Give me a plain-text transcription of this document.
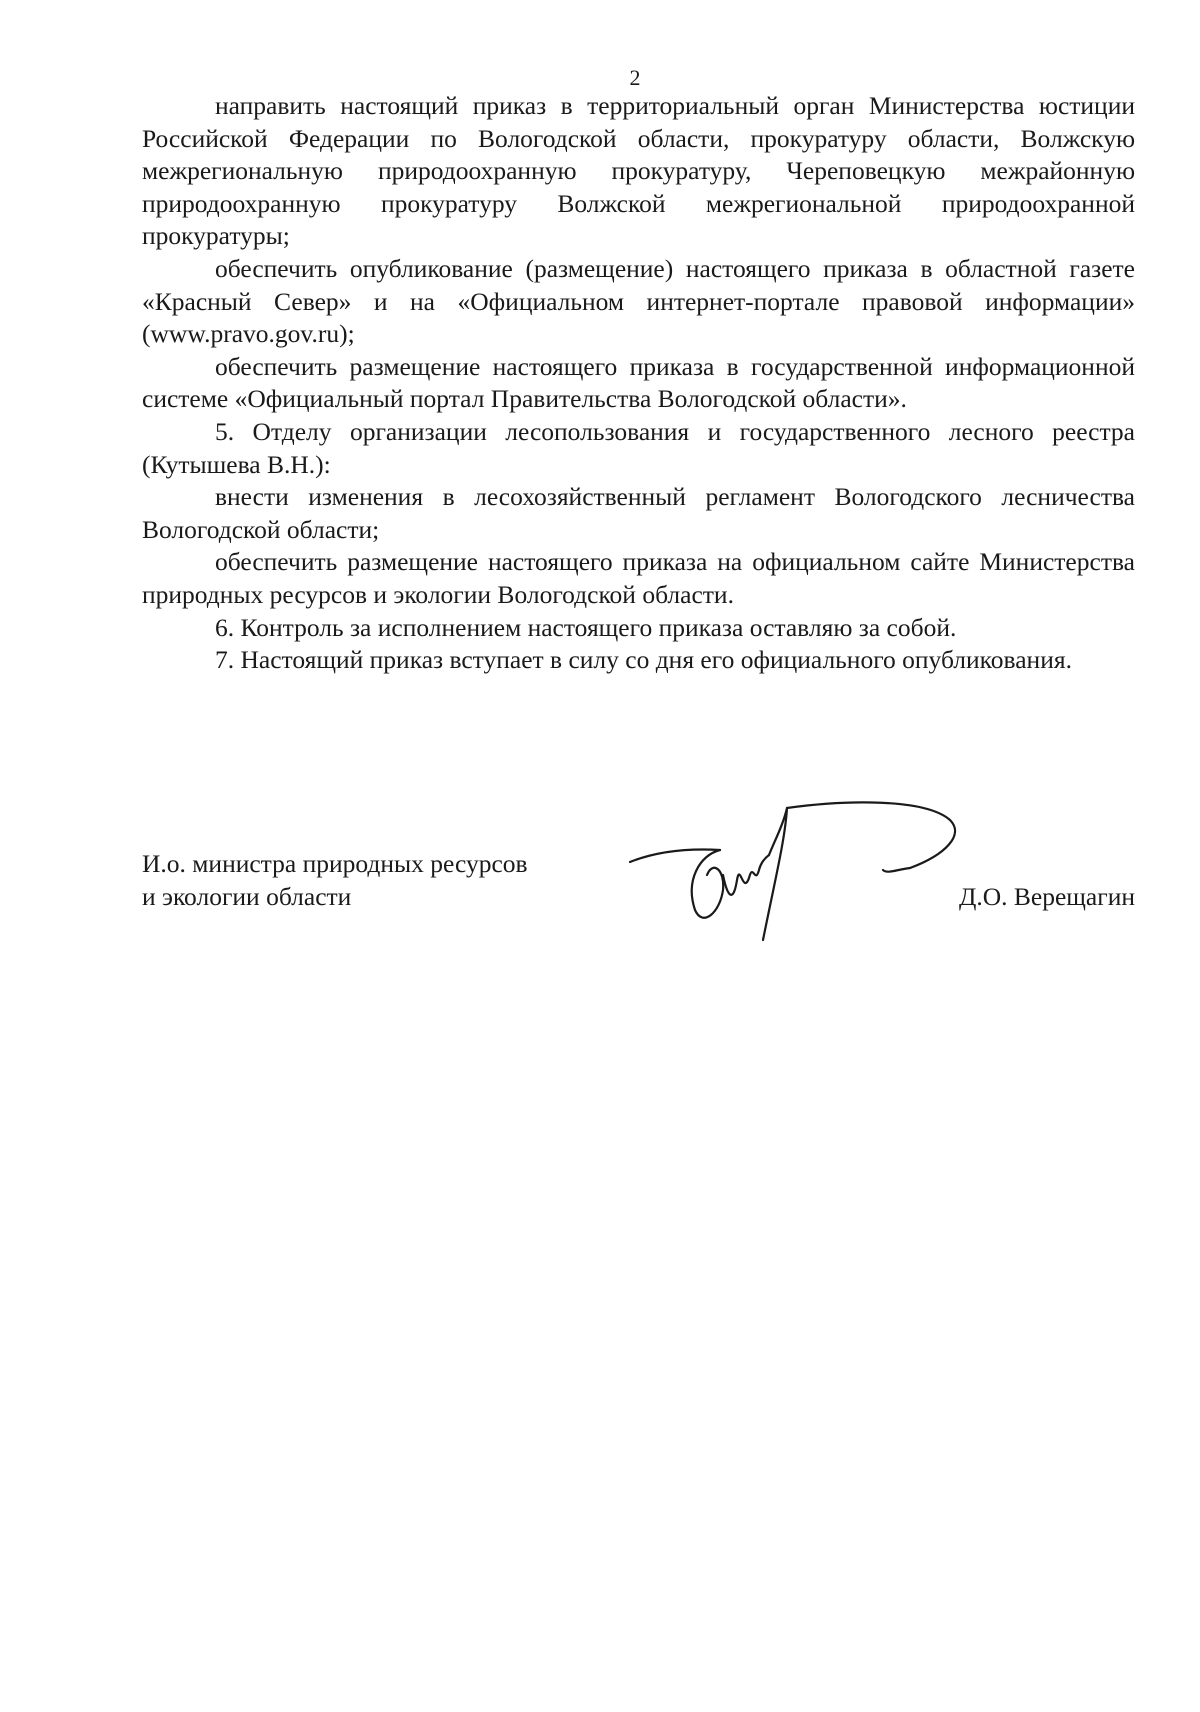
2

направить настоящий приказ в территориальный орган Министерства юстиции Российской Федерации по Вологодской области, прокуратуру области, Волжскую межрегиональную природоохранную прокуратуру, Череповецкую межрайонную природоохранную прокуратуру Волжской межрегиональной природоохранной прокуратуры;

обеспечить опубликование (размещение) настоящего приказа в областной газете «Красный Север» и на «Официальном интернет-портале правовой информации» (www.pravo.gov.ru);

обеспечить размещение настоящего приказа в государственной информационной системе «Официальный портал Правительства Вологодской области».

5. Отделу организации лесопользования и государственного лесного реестра (Кутышева В.Н.):

внести изменения в лесохозяйственный регламент Вологодского лесничества Вологодской области;

обеспечить размещение настоящего приказа на официальном сайте Министерства природных ресурсов и экологии Вологодской области.

6. Контроль за исполнением настоящего приказа оставляю за собой.

7. Настоящий приказ вступает в силу со дня его официального опубликования.

И.о. министра природных ресурсов
и экологии области	Д.О. Верещагин
